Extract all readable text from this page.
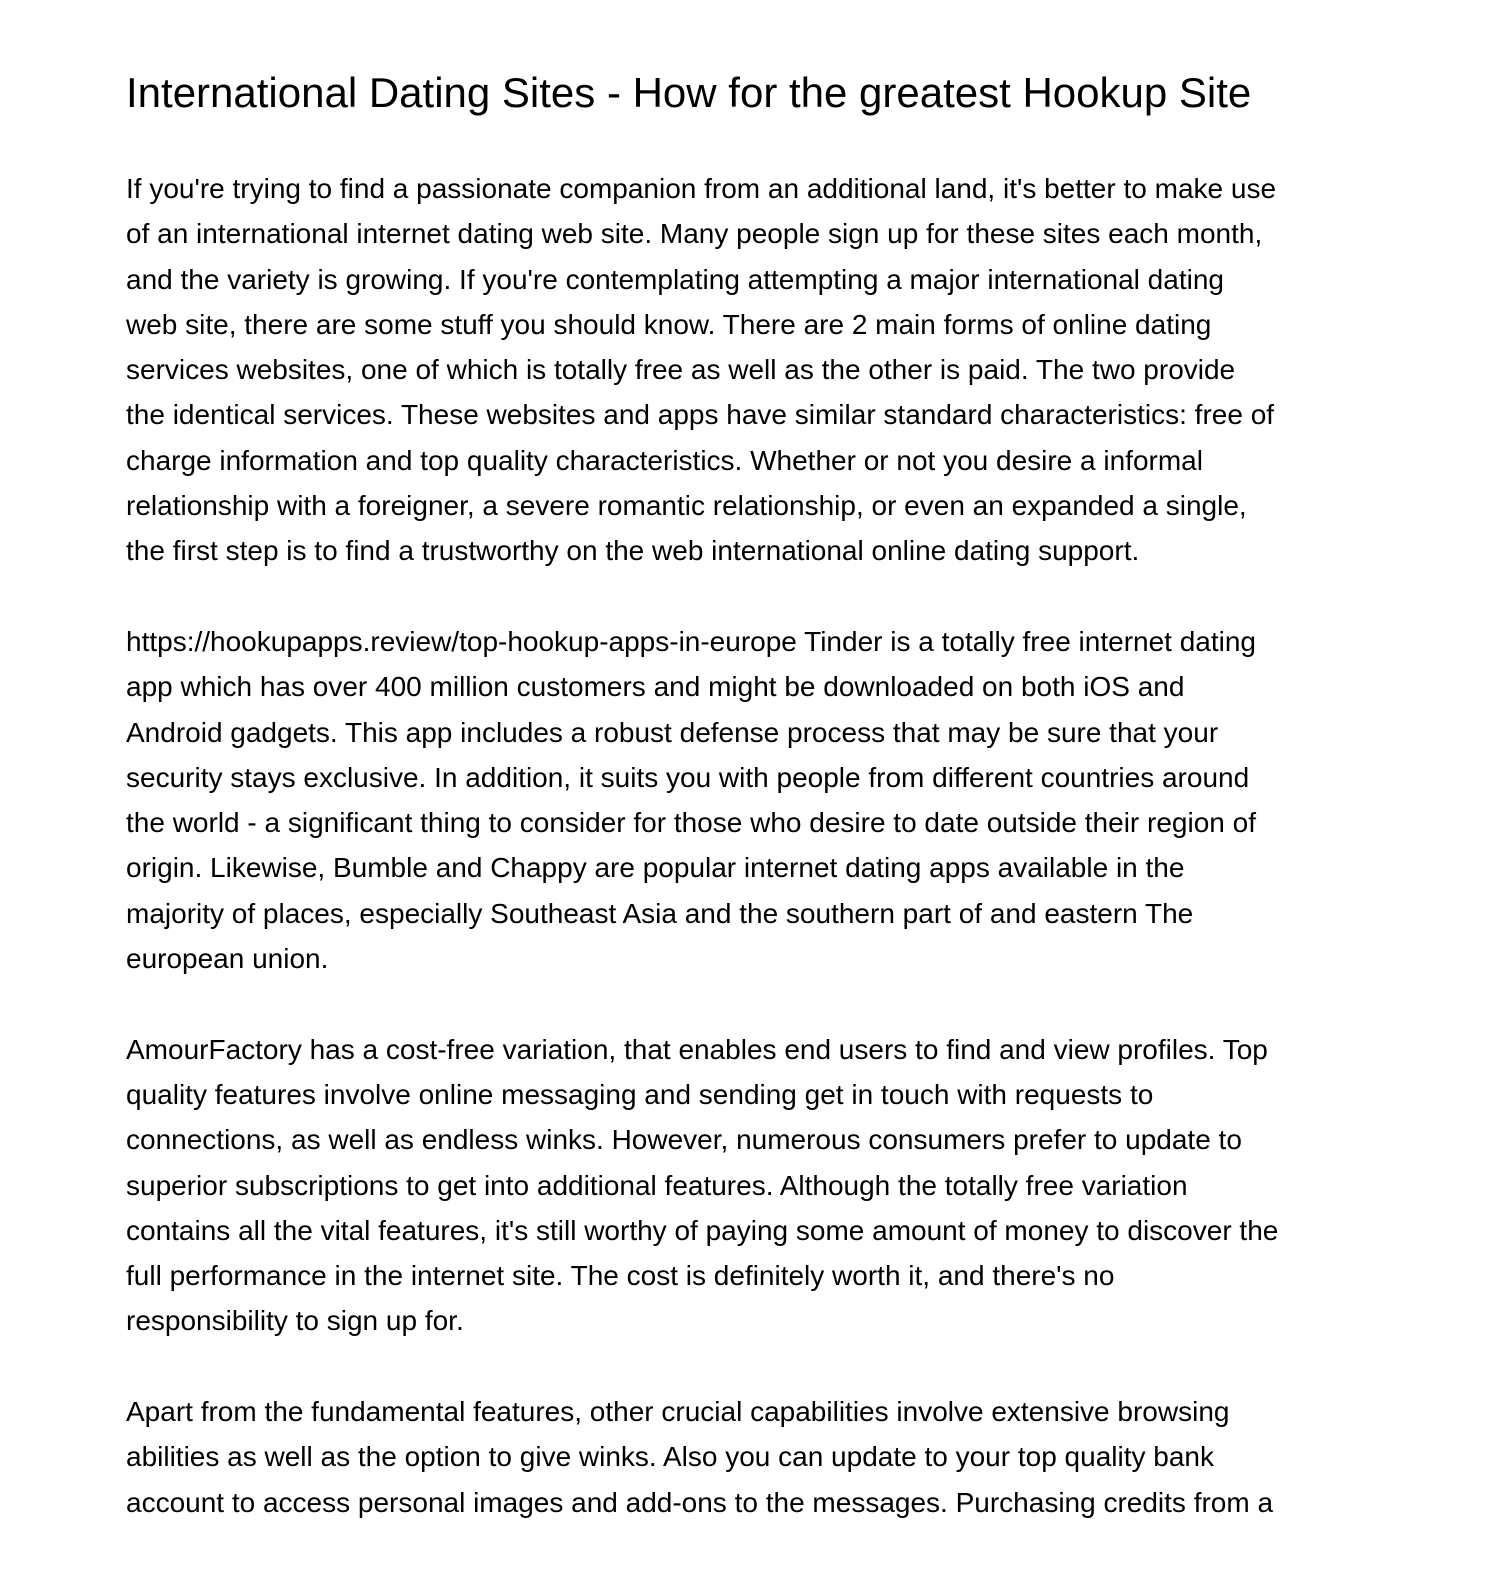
International Dating Sites - How for the greatest Hookup Site
If you're trying to find a passionate companion from an additional land, it's better to make use
of an international internet dating web site. Many people sign up for these sites each month,
and the variety is growing. If you're contemplating attempting a major international dating
web site, there are some stuff you should know. There are 2 main forms of online dating
services websites, one of which is totally free as well as the other is paid. The two provide
the identical services. These websites and apps have similar standard characteristics: free of
charge information and top quality characteristics. Whether or not you desire a informal
relationship with a foreigner, a severe romantic relationship, or even an expanded a single,
the first step is to find a trustworthy on the web international online dating support.
https://hookupapps.review/top-hookup-apps-in-europe Tinder is a totally free internet dating
app which has over 400 million customers and might be downloaded on both iOS and
Android gadgets. This app includes a robust defense process that may be sure that your
security stays exclusive. In addition, it suits you with people from different countries around
the world - a significant thing to consider for those who desire to date outside their region of
origin. Likewise, Bumble and Chappy are popular internet dating apps available in the
majority of places, especially Southeast Asia and the southern part of and eastern The
european union.
AmourFactory has a cost-free variation, that enables end users to find and view profiles. Top
quality features involve online messaging and sending get in touch with requests to
connections, as well as endless winks. However, numerous consumers prefer to update to
superior subscriptions to get into additional features. Although the totally free variation
contains all the vital features, it's still worthy of paying some amount of money to discover the
full performance in the internet site. The cost is definitely worth it, and there's no
responsibility to sign up for.
Apart from the fundamental features, other crucial capabilities involve extensive browsing
abilities as well as the option to give winks. Also you can update to your top quality bank
account to access personal images and add-ons to the messages. Purchasing credits from a
